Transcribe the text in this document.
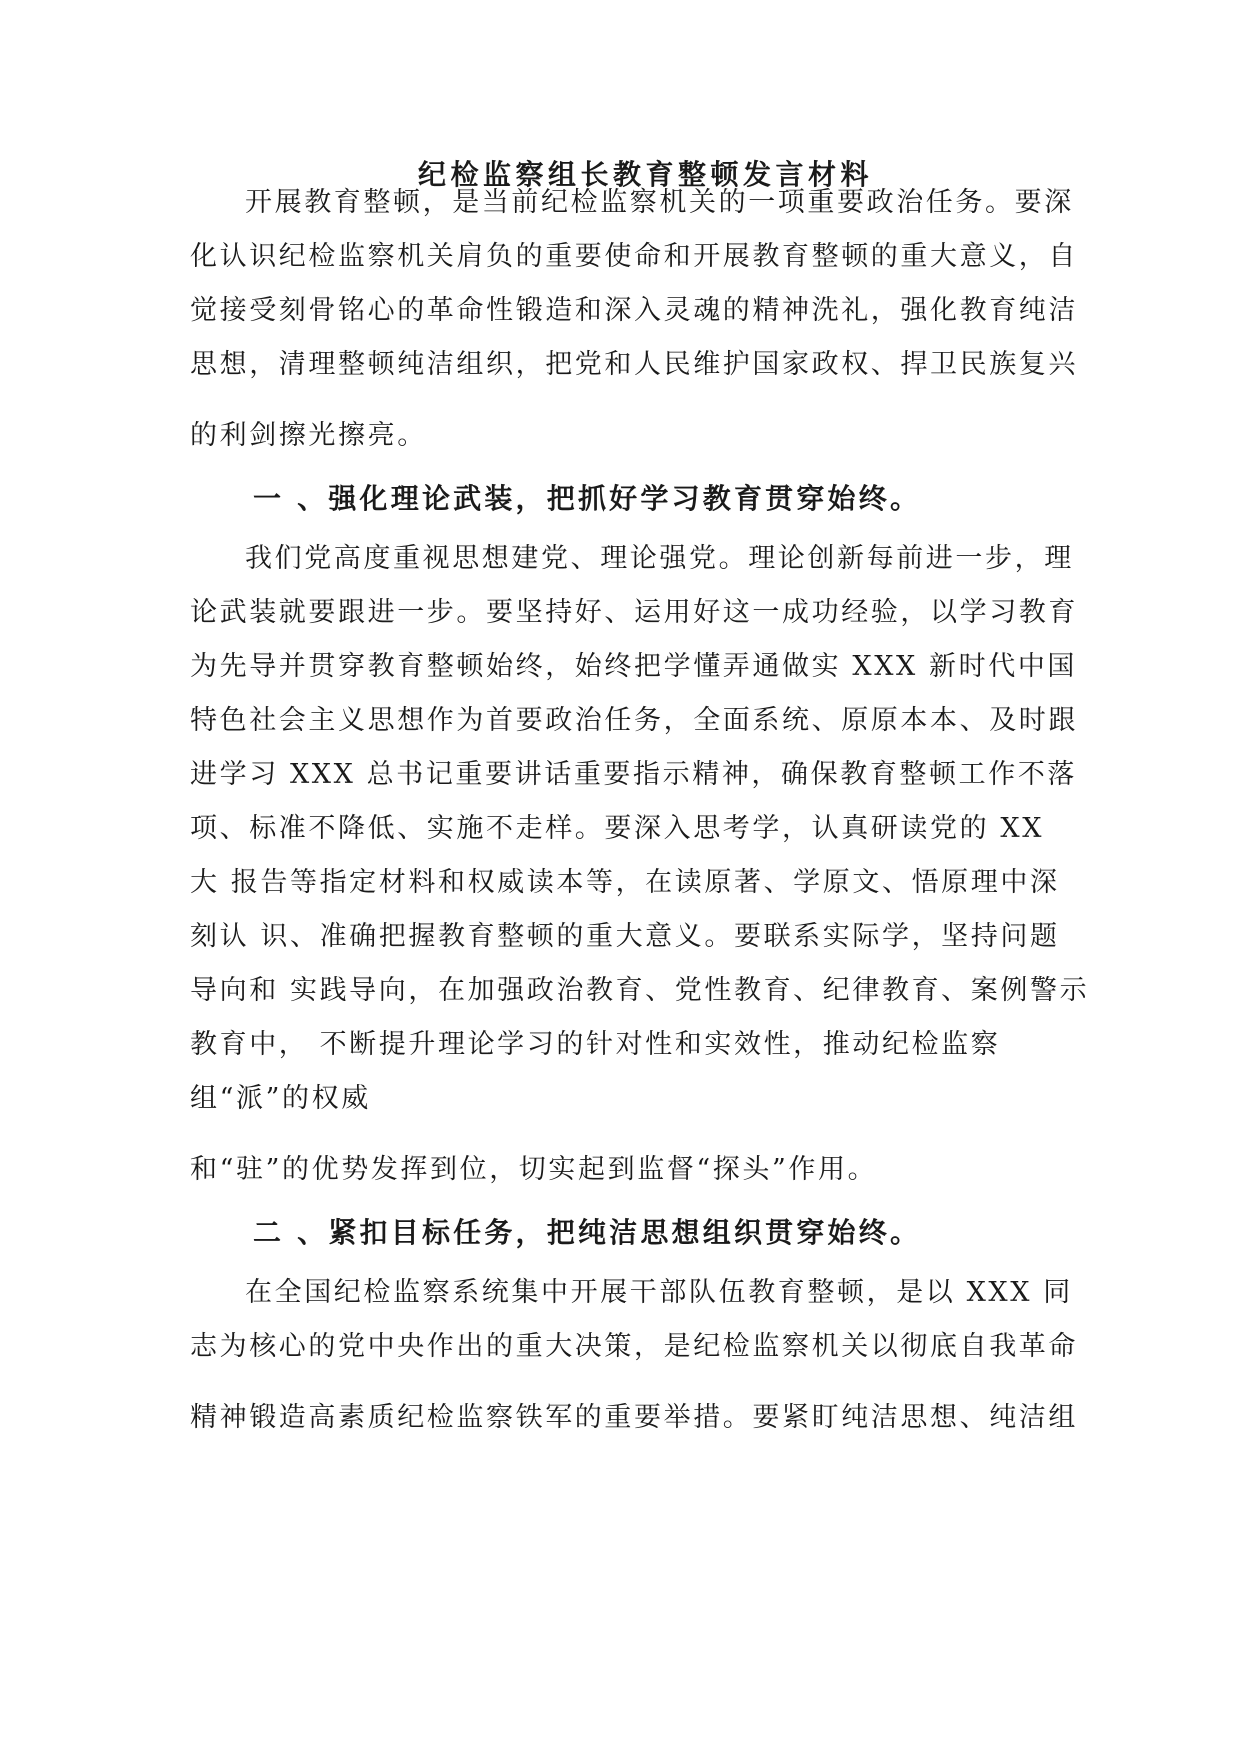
纪检监察组长教育整顿发言材料
开展教育整顿，是当前纪检监察机关的一项重要政治任务。要深
化认识纪检监察机关肩负的重要使命和开展教育整顿的重大意义，自
觉接受刻骨铭心的革命性锻造和深入灵魂的精神洗礼，强化教育纯洁
思想，清理整顿纯洁组织，把党和人民维护国家政权、捍卫民族复兴
的利剑擦光擦亮。
一 、强化理论武装，把抓好学习教育贯穿始终。
我们党高度重视思想建党、理论强党。理论创新每前进一步，理
论武装就要跟进一步。要坚持好、运用好这一成功经验，以学习教育
为先导并贯穿教育整顿始终，始终把学懂弄通做实 XXX 新时代中国
特色社会主义思想作为首要政治任务，全面系统、原原本本、及时跟
进学习 XXX 总书记重要讲话重要指示精神，确保教育整顿工作不落
项、标准不降低、实施不走样。要深入思考学，认真研读党的 XX
大 报告等指定材料和权威读本等，在读原著、学原文、悟原理中深
刻认 识、准确把握教育整顿的重大意义。要联系实际学，坚持问题
导向和 实践导向，在加强政治教育、党性教育、纪律教育、案例警示
教育中， 不断提升理论学习的针对性和实效性，推动纪检监察
组“派”的权威
和“驻”的优势发挥到位，切实起到监督“探头”作用。
二 、紧扣目标任务，把纯洁思想组织贯穿始终。
在全国纪检监察系统集中开展干部队伍教育整顿，是以 XXX 同
志为核心的党中央作出的重大决策，是纪检监察机关以彻底自我革命
精神锻造高素质纪检监察铁军的重要举措。要紧盯纯洁思想、纯洁组
